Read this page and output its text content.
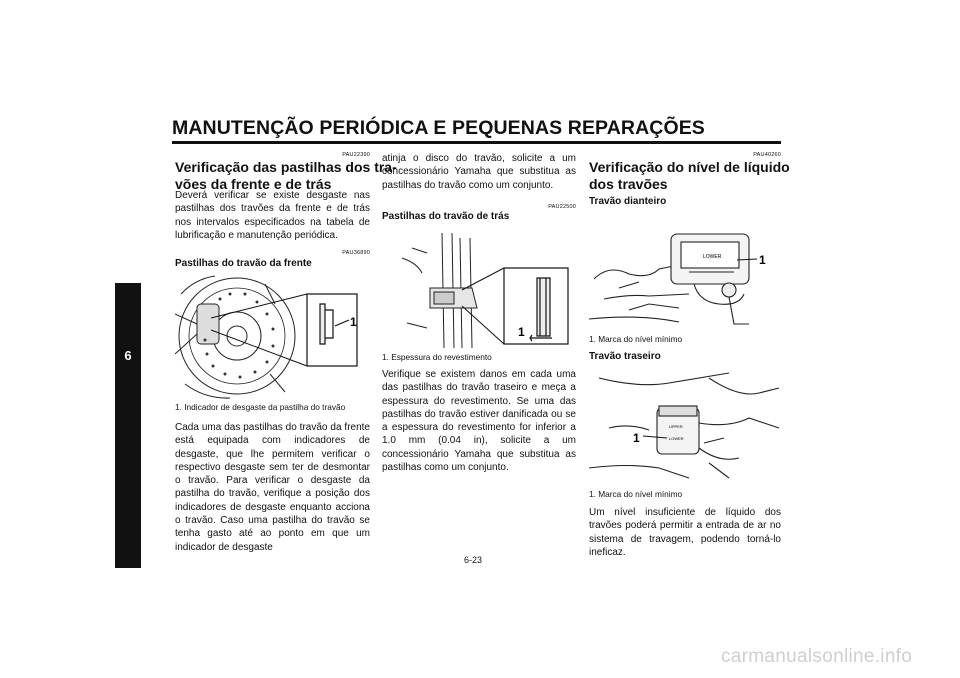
MANUTENÇÃO PERIÓDICA E PEQUENAS REPARAÇÕES
6
PAU22390
Verificação das pastilhas dos tra-
vões da frente e de trás

Deverá verificar se existe desgaste nas pastilhas dos travões da frente e de trás nos intervalos especificados na tabela de lubrificação e manutenção periódica.

PAU36890
Pastilhas do travão da frente
1
1. Indicador de desgaste da pastilha do travão

Cada uma das pastilhas do travão da frente está equipada com indicadores de desgaste, que lhe permitem verificar o respectivo desgaste sem ter de desmontar o travão. Para verificar o desgaste da pastilha do travão, verifique a posição dos indicadores de desgaste enquanto acciona o travão. Caso uma pastilha do travão se tenha gasto até ao ponto em que um indicador de desgaste

atinja o disco do travão, solicite a um concessionário Yamaha que substitua as pastilhas do travão como um conjunto.

PAU22500
Pastilhas do travão de trás
1
1. Espessura do revestimento

Verifique se existem danos em cada uma das pastilhas do travão traseiro e meça a espessura do revestimento. Se uma das pastilhas do travão estiver danificada ou se a espessura do revestimento for inferior a 1.0 mm (0.04 in), solicite a um concessionário Yamaha que substitua as pastilhas como um conjunto.

PAU40260
Verificação do nível de líquido
dos travões
Travão dianteiro
LOWER	1
1. Marca do nível mínimo
Travão traseiro
UPPER
LOWER
1
1. Marca do nível mínimo

Um nível insuficiente de líquido dos travões poderá permitir a entrada de ar no sistema de travagem, podendo torná-lo ineficaz.

6-23
carmanualsonline.info
